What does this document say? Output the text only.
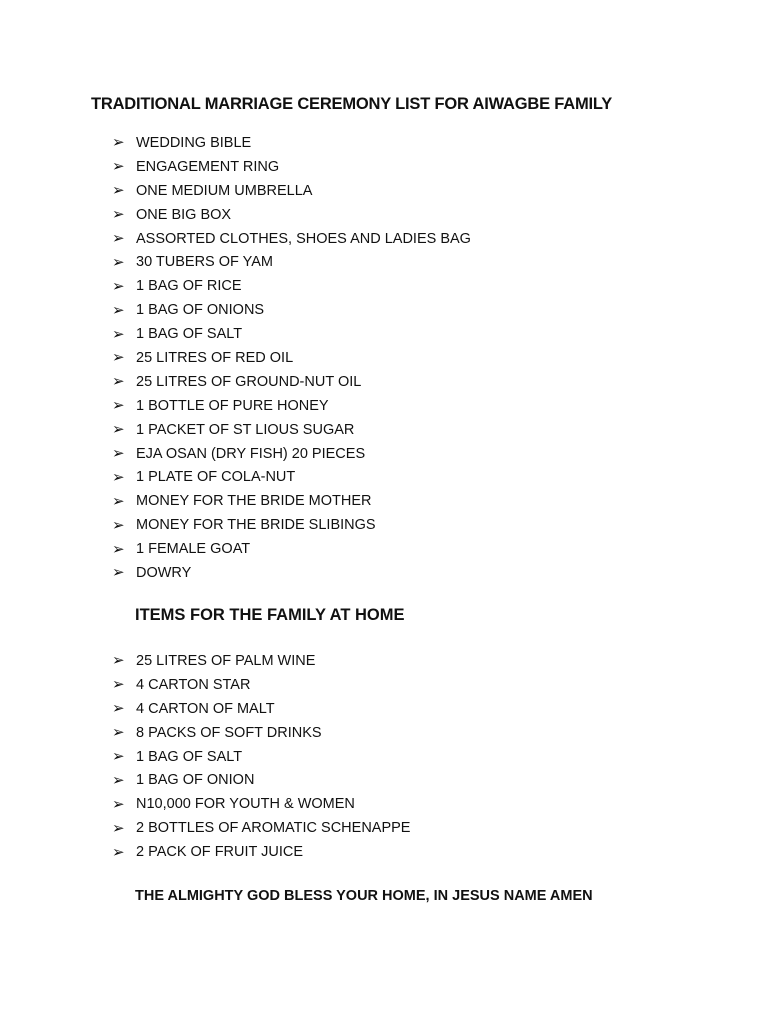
TRADITIONAL MARRIAGE CEREMONY LIST FOR AIWAGBE FAMILY
➢ WEDDING BIBLE
➢ ENGAGEMENT RING
➢ ONE MEDIUM UMBRELLA
➢ ONE BIG BOX
➢ ASSORTED CLOTHES, SHOES AND LADIES BAG
➢ 30 TUBERS OF YAM
➢ 1 BAG OF RICE
➢ 1 BAG OF ONIONS
➢ 1 BAG OF SALT
➢ 25 LITRES OF RED OIL
➢ 25 LITRES OF GROUND-NUT OIL
➢ 1 BOTTLE OF PURE HONEY
➢ 1 PACKET OF ST LIOUS SUGAR
➢ EJA OSAN (DRY FISH) 20 PIECES
➢ 1 PLATE OF COLA-NUT
➢ MONEY FOR THE BRIDE MOTHER
➢ MONEY FOR THE BRIDE SLIBINGS
➢ 1 FEMALE GOAT
➢ DOWRY
ITEMS FOR THE FAMILY AT HOME
➢ 25 LITRES OF PALM WINE
➢ 4 CARTON STAR
➢ 4 CARTON OF MALT
➢ 8 PACKS OF SOFT DRINKS
➢ 1 BAG OF SALT
➢ 1 BAG OF ONION
➢ N10,000 FOR YOUTH & WOMEN
➢ 2 BOTTLES OF AROMATIC SCHENAPPE
➢ 2 PACK OF FRUIT JUICE
THE ALMIGHTY GOD BLESS YOUR HOME, IN JESUS NAME AMEN
